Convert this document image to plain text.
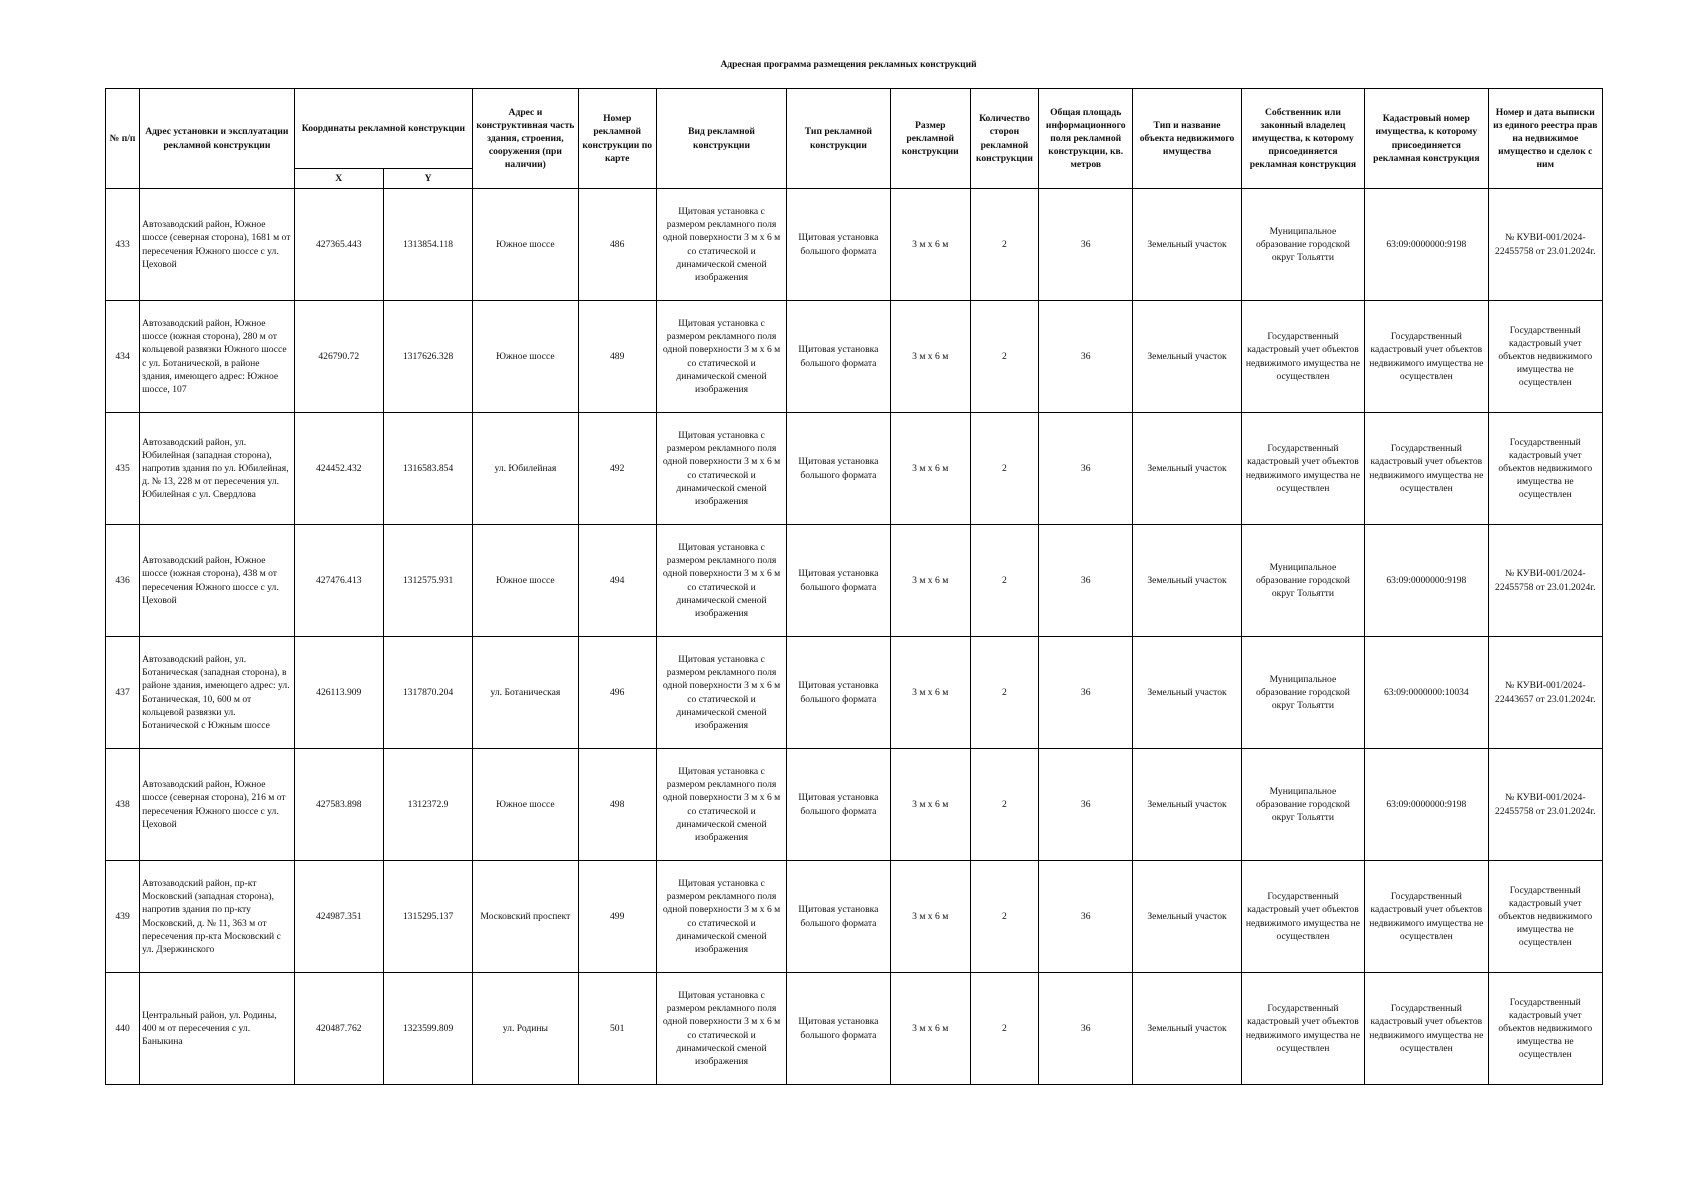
Адресная программа размещения рекламных конструкций
№ п/п	Адрес установки и эксплуатации рекламной конструкции	Координаты рекламной конструкции		Адрес и конструктивная часть здания, строения, сооружения (при наличии)	Номер рекламной конструкции по карте	Вид рекламной конструкции	Тип рекламной конструкции	Размер рекламной конструкции	Количество сторон рекламной конструкции	Общая площадь информационного поля рекламной конструкции, кв. метров	Тип и название объекта недвижимого имущества	Собственник или законный владелец имущества, к которому присоединяется рекламная конструкция	Кадастровый номер имущества, к которому присоединяется рекламная конструкция	Номер и дата выписки из единого реестра прав на недвижимое имущество и сделок с ним
		X	Y											
433	Автозаводский район, Южное шоссе (северная сторона), 1681 м от пересечения Южного шоссе с ул. Цеховой	427365.443	1313854.118	Южное шоссе	486	Щитовая установка с размером рекламного поля одной поверхности 3 м х 6 м со статической и динамической сменой изображения	Щитовая установка большого формата	3 м х 6 м	2	36	Земельный участок	Муниципальное образование городской округ Тольятти	63:09:0000000:9198	№ КУВИ-001/2024-22455758 от 23.01.2024г.
434	Автозаводский район, Южное шоссе (южная сторона), 280 м от кольцевой развязки Южного шоссе с ул. Ботанической, в районе здания, имеющего адрес: Южное шоссе, 107	426790.72	1317626.328	Южное шоссе	489	Щитовая установка с размером рекламного поля одной поверхности 3 м х 6 м со статической и динамической сменой изображения	Щитовая установка большого формата	3 м х 6 м	2	36	Земельный участок	Государственный кадастровый учет объектов недвижимого имущества не осуществлен	Государственный кадастровый учет объектов недвижимого имущества не осуществлен	Государственный кадастровый учет объектов недвижимого имущества не осуществлен
435	Автозаводский район, ул. Юбилейная (западная сторона), напротив здания по ул. Юбилейная, д. № 13, 228 м от пересечения ул. Юбилейная с ул. Свердлова	424452.432	1316583.854	ул. Юбилейная	492	Щитовая установка с размером рекламного поля одной поверхности 3 м х 6 м со статической и динамической сменой изображения	Щитовая установка большого формата	3 м х 6 м	2	36	Земельный участок	Государственный кадастровый учет объектов недвижимого имущества не осуществлен	Государственный кадастровый учет объектов недвижимого имущества не осуществлен	Государственный кадастровый учет объектов недвижимого имущества не осуществлен
436	Автозаводский район, Южное шоссе (южная сторона), 438 м от пересечения Южного шоссе с ул. Цеховой	427476.413	1312575.931	Южное шоссе	494	Щитовая установка с размером рекламного поля одной поверхности 3 м х 6 м со статической и динамической сменой изображения	Щитовая установка большого формата	3 м х 6 м	2	36	Земельный участок	Муниципальное образование городской округ Тольятти	63:09:0000000:9198	№ КУВИ-001/2024-22455758 от 23.01.2024г.
437	Автозаводский район, ул. Ботаническая (западная сторона), в районе здания, имеющего адрес: ул. Ботаническая, 10, 600 м от кольцевой развязки ул. Ботанической с Южным шоссе	426113.909	1317870.204	ул. Ботаническая	496	Щитовая установка с размером рекламного поля одной поверхности 3 м х 6 м со статической и динамической сменой изображения	Щитовая установка большого формата	3 м х 6 м	2	36	Земельный участок	Муниципальное образование городской округ Тольятти	63:09:0000000:10034	№ КУВИ-001/2024-22443657 от 23.01.2024г.
438	Автозаводский район, Южное шоссе (северная сторона), 216 м от пересечения Южного шоссе с ул. Цеховой	427583.898	1312372.9	Южное шоссе	498	Щитовая установка с размером рекламного поля одной поверхности 3 м х 6 м со статической и динамической сменой изображения	Щитовая установка большого формата	3 м х 6 м	2	36	Земельный участок	Муниципальное образование городской округ Тольятти	63:09:0000000:9198	№ КУВИ-001/2024-22455758 от 23.01.2024г.
439	Автозаводский район, пр-кт Московский (западная сторона), напротив здания по пр-кту Московский, д. № 11, 363 м от пересечения пр-кта Московский с ул. Дзержинского	424987.351	1315295.137	Московский проспект	499	Щитовая установка с размером рекламного поля одной поверхности 3 м х 6 м со статической и динамической сменой изображения	Щитовая установка большого формата	3 м х 6 м	2	36	Земельный участок	Государственный кадастровый учет объектов недвижимого имущества не осуществлен	Государственный кадастровый учет объектов недвижимого имущества не осуществлен	Государственный кадастровый учет объектов недвижимого имущества не осуществлен
440	Центральный район, ул. Родины, 400 м от пересечения с ул. Баныкина	420487.762	1323599.809	ул. Родины	501	Щитовая установка с размером рекламного поля одной поверхности 3 м х 6 м со статической и динамической сменой изображения	Щитовая установка большого формата	3 м х 6 м	2	36	Земельный участок	Государственный кадастровый учет объектов недвижимого имущества не осуществлен	Государственный кадастровый учет объектов недвижимого имущества не осуществлен	Государственный кадастровый учет объектов недвижимого имущества не осуществлен
